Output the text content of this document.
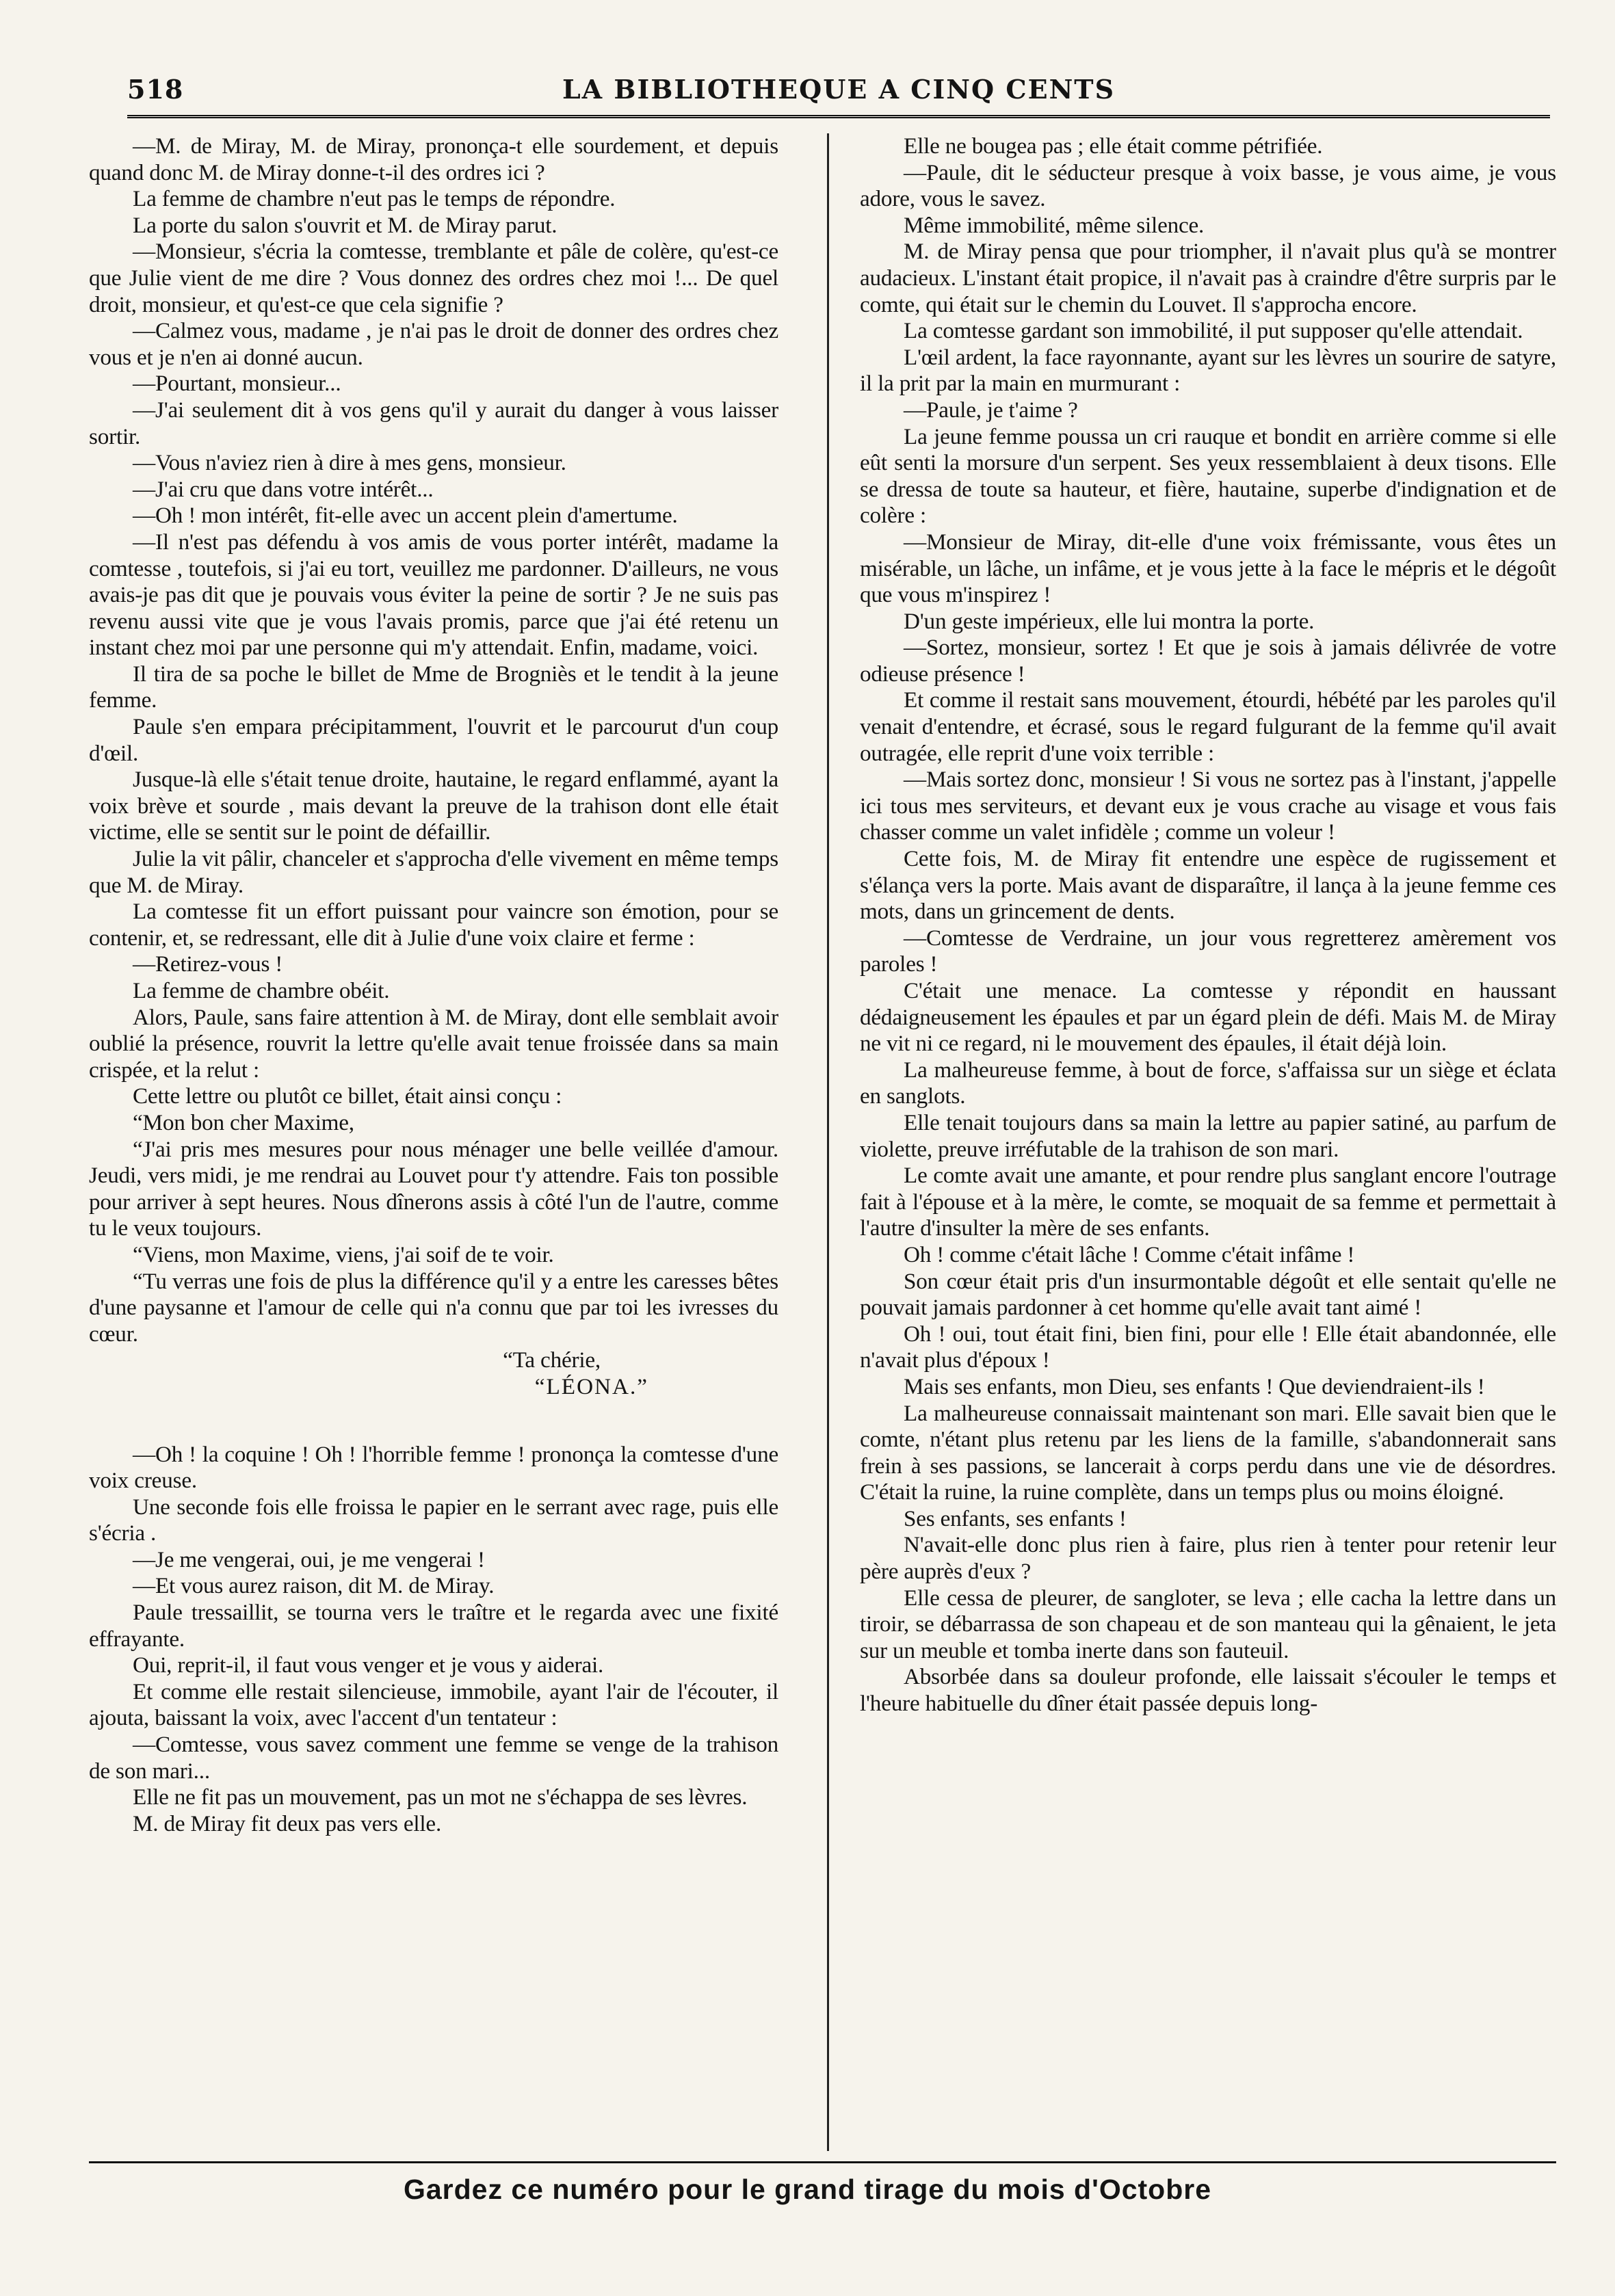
518	LA BIBLIOTHEQUE A CINQ CENTS

—M. de Miray, M. de Miray, prononça-t elle sourdement, et depuis quand donc M. de Miray donne-t-il des ordres ici ?

La femme de chambre n'eut pas le temps de répondre.

La porte du salon s'ouvrit et M. de Miray parut.

—Monsieur, s'écria la comtesse, tremblante et pâle de colère, qu'est-ce que Julie vient de me dire ? Vous donnez des ordres chez moi !... De quel droit, monsieur, et qu'est-ce que cela signifie ?

—Calmez vous, madame , je n'ai pas le droit de donner des ordres chez vous et je n'en ai donné aucun.

—Pourtant, monsieur...

—J'ai seulement dit à vos gens qu'il y aurait du danger à vous laisser sortir.

—Vous n'aviez rien à dire à mes gens, monsieur.

—J'ai cru que dans votre intérêt...

—Oh ! mon intérêt, fit-elle avec un accent plein d'amertume.

—Il n'est pas défendu à vos amis de vous porter intérêt, madame la comtesse , toutefois, si j'ai eu tort, veuillez me pardonner. D'ailleurs, ne vous avais-je pas dit que je pouvais vous éviter la peine de sortir ? Je ne suis pas revenu aussi vite que je vous l'avais promis, parce que j'ai été retenu un instant chez moi par une personne qui m'y attendait. Enfin, madame, voici.

Il tira de sa poche le billet de Mme de Brogniès et le tendit à la jeune femme.

Paule s'en empara précipitamment, l'ouvrit et le parcourut d'un coup d'œil.

Jusque-là elle s'était tenue droite, hautaine, le regard enflammé, ayant la voix brève et sourde , mais devant la preuve de la trahison dont elle était victime, elle se sentit sur le point de défaillir.

Julie la vit pâlir, chanceler et s'approcha d'elle vivement en même temps que M. de Miray.

La comtesse fit un effort puissant pour vaincre son émotion, pour se contenir, et, se redressant, elle dit à Julie d'une voix claire et ferme :

—Retirez-vous !

La femme de chambre obéit.

Alors, Paule, sans faire attention à M. de Miray, dont elle semblait avoir oublié la présence, rouvrit la lettre qu'elle avait tenue froissée dans sa main crispée, et la relut :

Cette lettre ou plutôt ce billet, était ainsi conçu :

“Mon bon cher Maxime,

“J'ai pris mes mesures pour nous ménager une belle veillée d'amour. Jeudi, vers midi, je me rendrai au Louvet pour t'y attendre. Fais ton possible pour arriver à sept heures. Nous dînerons assis à côté l'un de l'autre, comme tu le veux toujours.

“Viens, mon Maxime, viens, j'ai soif de te voir.

“Tu verras une fois de plus la différence qu'il y a entre les caresses bêtes d'une paysanne et l'amour de celle qui n'a connu que par toi les ivresses du cœur.

“Ta chérie,

“LÉONA.”

—Oh ! la coquine ! Oh ! l'horrible femme ! prononça la comtesse d'une voix creuse.

Une seconde fois elle froissa le papier en le serrant avec rage, puis elle s'écria .

—Je me vengerai, oui, je me vengerai !

—Et vous aurez raison, dit M. de Miray.

Paule tressaillit, se tourna vers le traître et le regarda avec une fixité effrayante.

Oui, reprit-il, il faut vous venger et je vous y aiderai.

Et comme elle restait silencieuse, immobile, ayant l'air de l'écouter, il ajouta, baissant la voix, avec l'accent d'un tentateur :

—Comtesse, vous savez comment une femme se venge de la trahison de son mari...

Elle ne fit pas un mouvement, pas un mot ne s'échappa de ses lèvres.

M. de Miray fit deux pas vers elle.

Elle ne bougea pas ; elle était comme pétrifiée.

—Paule, dit le séducteur presque à voix basse, je vous aime, je vous adore, vous le savez.

Même immobilité, même silence.

M. de Miray pensa que pour triompher, il n'avait plus qu'à se montrer audacieux. L'instant était propice, il n'avait pas à craindre d'être surpris par le comte, qui était sur le chemin du Louvet. Il s'approcha encore.

La comtesse gardant son immobilité, il put supposer qu'elle attendait.

L'œil ardent, la face rayonnante, ayant sur les lèvres un sourire de satyre, il la prit par la main en murmurant :

—Paule, je t'aime ?

La jeune femme poussa un cri rauque et bondit en arrière comme si elle eût senti la morsure d'un serpent. Ses yeux ressemblaient à deux tisons. Elle se dressa de toute sa hauteur, et fière, hautaine, superbe d'indignation et de colère :

—Monsieur de Miray, dit-elle d'une voix frémissante, vous êtes un misérable, un lâche, un infâme, et je vous jette à la face le mépris et le dégoût que vous m'inspirez !

D'un geste impérieux, elle lui montra la porte.

—Sortez, monsieur, sortez ! Et que je sois à jamais délivrée de votre odieuse présence !

Et comme il restait sans mouvement, étourdi, hébété par les paroles qu'il venait d'entendre, et écrasé, sous le regard fulgurant de la femme qu'il avait outragée, elle reprit d'une voix terrible :

—Mais sortez donc, monsieur ! Si vous ne sortez pas à l'instant, j'appelle ici tous mes serviteurs, et devant eux je vous crache au visage et vous fais chasser comme un valet infidèle ; comme un voleur !

Cette fois, M. de Miray fit entendre une espèce de rugissement et s'élança vers la porte. Mais avant de disparaître, il lança à la jeune femme ces mots, dans un grincement de dents.

—Comtesse de Verdraine, un jour vous regretterez amèrement vos paroles !

C'était une menace. La comtesse y répondit en haussant dédaigneusement les épaules et par un égard plein de défi. Mais M. de Miray ne vit ni ce regard, ni le mouvement des épaules, il était déjà loin.

La malheureuse femme, à bout de force, s'affaissa sur un siège et éclata en sanglots.

Elle tenait toujours dans sa main la lettre au papier satiné, au parfum de violette, preuve irréfutable de la trahison de son mari.

Le comte avait une amante, et pour rendre plus sanglant encore l'outrage fait à l'épouse et à la mère, le comte, se moquait de sa femme et permettait à l'autre d'insulter la mère de ses enfants.

Oh ! comme c'était lâche ! Comme c'était infâme !

Son cœur était pris d'un insurmontable dégoût et elle sentait qu'elle ne pouvait jamais pardonner à cet homme qu'elle avait tant aimé !

Oh ! oui, tout était fini, bien fini, pour elle ! Elle était abandonnée, elle n'avait plus d'époux !

Mais ses enfants, mon Dieu, ses enfants ! Que deviendraient-ils !

La malheureuse connaissait maintenant son mari. Elle savait bien que le comte, n'étant plus retenu par les liens de la famille, s'abandonnerait sans frein à ses passions, se lancerait à corps perdu dans une vie de désordres. C'était la ruine, la ruine complète, dans un temps plus ou moins éloigné.

Ses enfants, ses enfants !

N'avait-elle donc plus rien à faire, plus rien à tenter pour retenir leur père auprès d'eux ?

Elle cessa de pleurer, de sangloter, se leva ; elle cacha la lettre dans un tiroir, se débarrassa de son chapeau et de son manteau qui la gênaient, le jeta sur un meuble et tomba inerte dans son fauteuil.

Absorbée dans sa douleur profonde, elle laissait s'écouler le temps et l'heure habituelle du dîner était passée depuis long-

Gardez ce numéro pour le grand tirage du mois d'Octobre
